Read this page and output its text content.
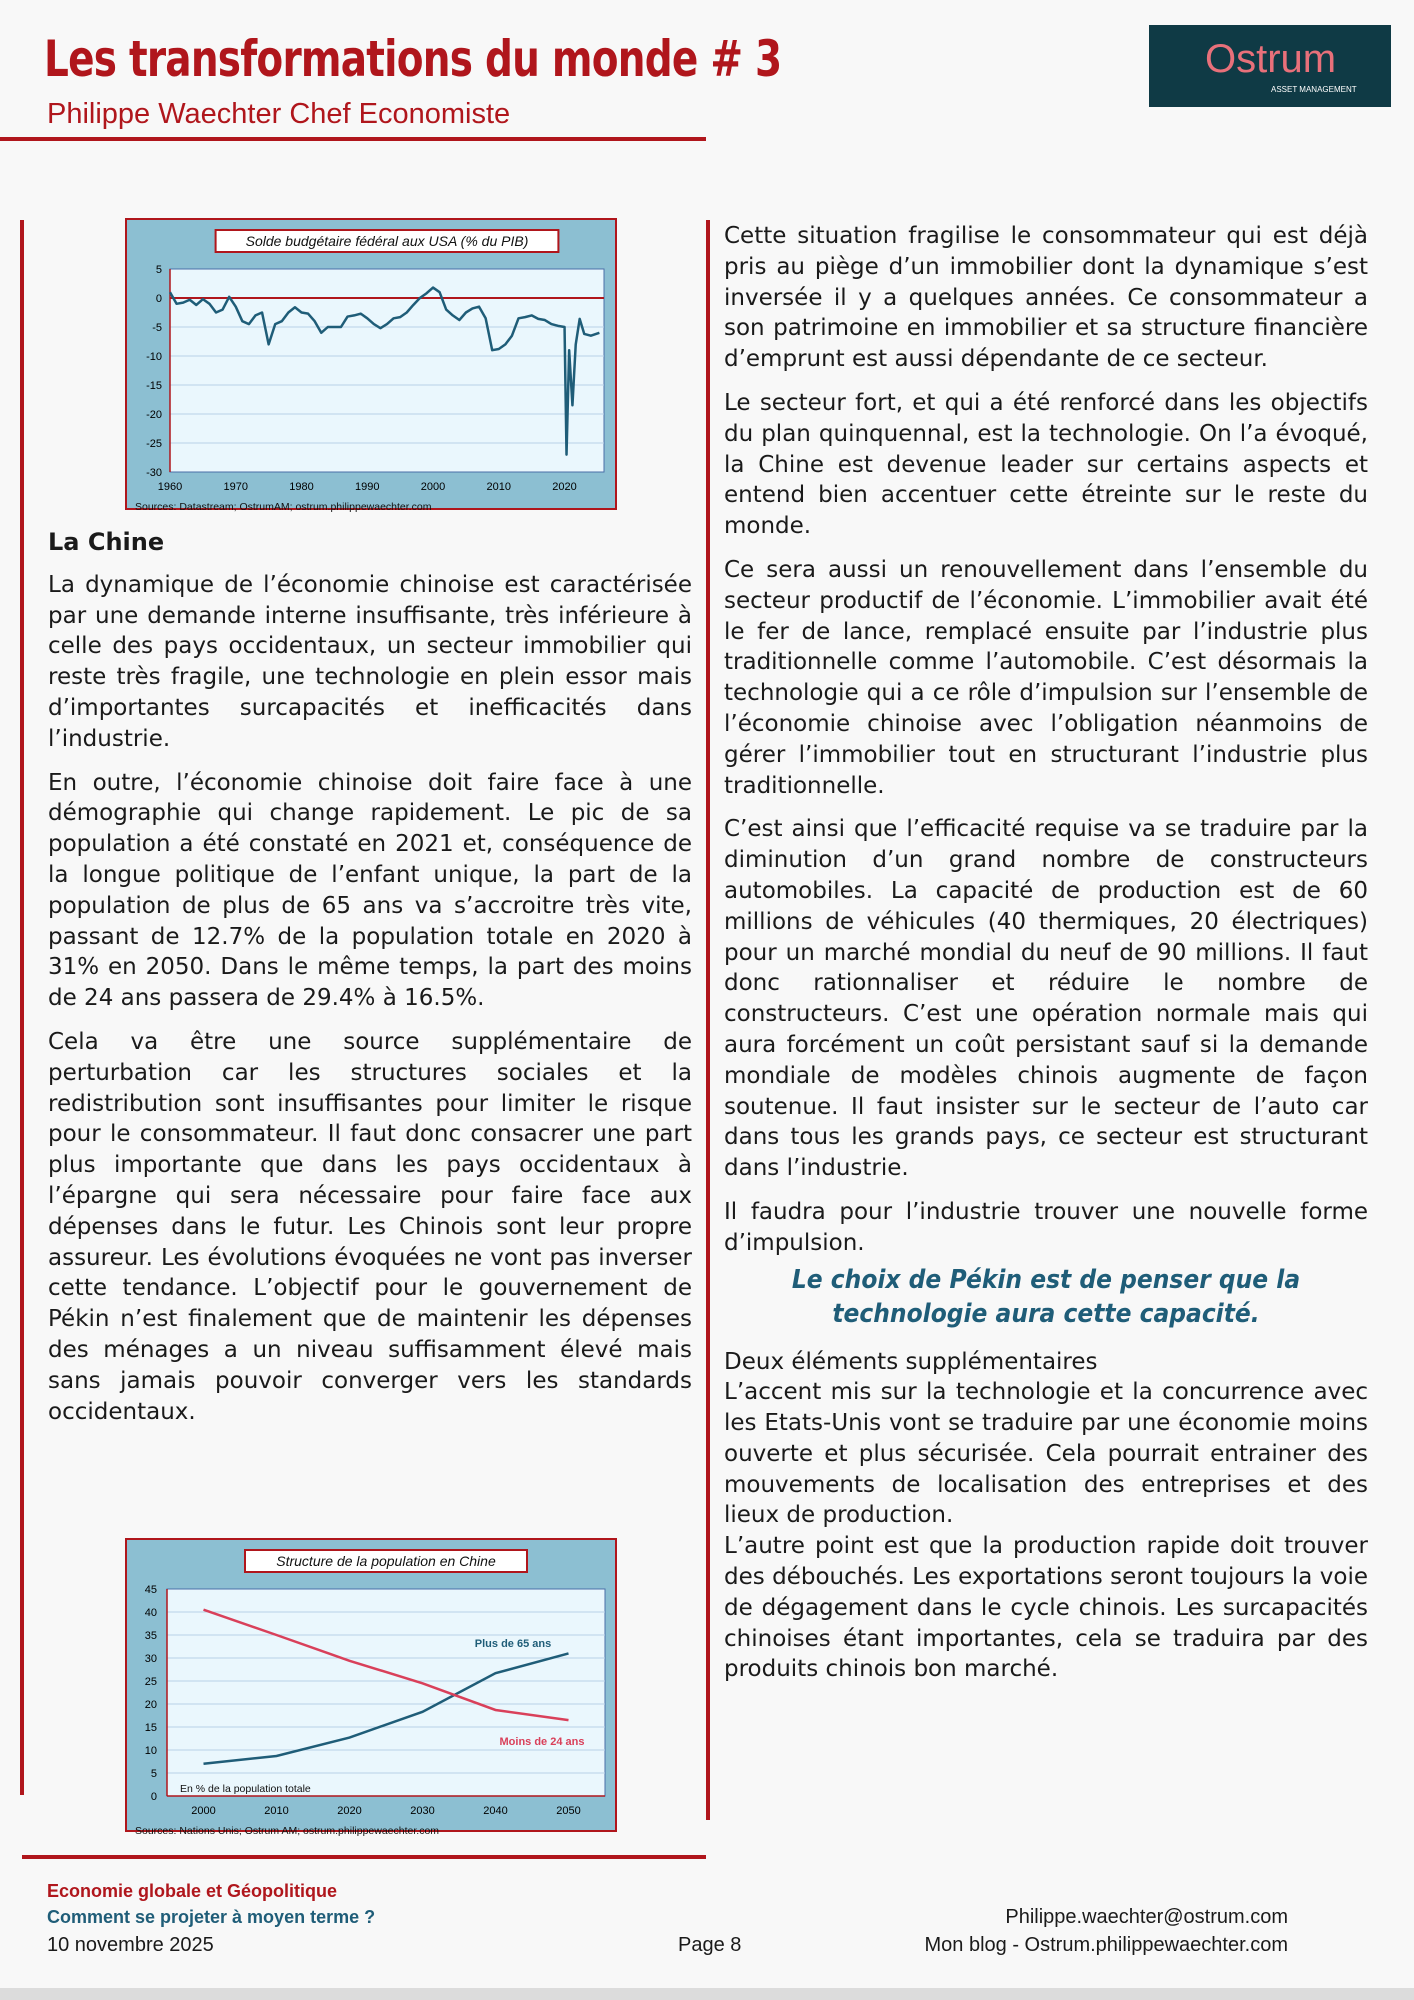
Les transformations du monde # 3
Philippe Waechter Chef Economiste
Ostrum
ASSET MANAGEMENT
Solde budgétaire fédéral aux USA (% du PIB)
Sources: Datastream; OstrumAM; ostrum.philippewaechter.com
5
0
-5
-10
-15
-20
-25
-30
1960	1970	1980	1990	2000	2010	2020
La Chine

La dynamique de l’économie chinoise est caractérisée par une demande interne insuffisante, très inférieure à celle des pays occidentaux, un secteur immobilier qui reste très fragile, une technologie en plein essor mais d’importantes surcapacités et inefficacités dans l’industrie.

En outre, l’économie chinoise doit faire face à une démographie qui change rapidement. Le pic de sa population a été constaté en 2021 et, conséquence de la longue politique de l’enfant unique, la part de la population de plus de 65 ans va s’accroitre très vite, passant de 12.7% de la population totale en 2020 à 31% en 2050. Dans le même temps, la part des moins de 24 ans passera de 29.4% à 16.5%.

Cela va être une source supplémentaire de perturbation car les structures sociales et la redistribution sont insuffisantes pour limiter le risque pour le consommateur. Il faut donc consacrer une part plus importante que dans les pays occidentaux à l’épargne qui sera nécessaire pour faire face aux dépenses dans le futur. Les Chinois sont leur propre assureur. Les évolutions évoquées ne vont pas inverser cette tendance. L’objectif pour le gouvernement de Pékin n’est finalement que de maintenir les dépenses des ménages a un niveau suffisamment élevé mais sans jamais pouvoir converger vers les standards occidentaux.

Structure de la population en Chine
Sources: Nations Unis; Ostrum AM; ostrum.philippewaechter.com
45
40
35
30
25
20
15
10
5
0
2000	2010	2020	2030	2040	2050
Plus de 65 ans
Moins de 24 ans
En % de la population totale

Cette situation fragilise le consommateur qui est déjà pris au piège d’un immobilier dont la dynamique s’est inversée il y a quelques années. Ce consommateur a son patrimoine en immobilier et sa structure financière d’emprunt est aussi dépendante de ce secteur.

Le secteur fort, et qui a été renforcé dans les objectifs du plan quinquennal, est la technologie. On l’a évoqué, la Chine est devenue leader sur certains aspects et entend bien accentuer cette étreinte sur le reste du monde.

Ce sera aussi un renouvellement dans l’ensemble du secteur productif de l’économie. L’immobilier avait été le fer de lance, remplacé ensuite par l’industrie plus traditionnelle comme l’automobile. C’est désormais la technologie qui a ce rôle d’impulsion sur l’ensemble de l’économie chinoise avec l’obligation néanmoins de gérer l’immobilier tout en structurant l’industrie plus traditionnelle.

C’est ainsi que l’efficacité requise va se traduire par la diminution d’un grand nombre de constructeurs automobiles. La capacité de production est de 60 millions de véhicules (40 thermiques, 20 électriques) pour un marché mondial du neuf de 90 millions. Il faut donc rationnaliser et réduire le nombre de constructeurs. C’est une opération normale mais qui aura forcément un coût persistant sauf si la demande mondiale de modèles chinois augmente de façon soutenue. Il faut insister sur le secteur de l’auto car dans tous les grands pays, ce secteur est structurant dans l’industrie.

Il faudra pour l’industrie trouver une nouvelle forme d’impulsion.

Le choix de Pékin est de penser que la technologie aura cette capacité.

Deux éléments supplémentaires

L’accent mis sur la technologie et la concurrence avec les Etats-Unis vont se traduire par une économie moins ouverte et plus sécurisée. Cela pourrait entrainer des mouvements de localisation des entreprises et des lieux de production.

L’autre point est que la production rapide doit trouver des débouchés. Les exportations seront toujours la voie de dégagement dans le cycle chinois. Les surcapacités chinoises étant importantes, cela se traduira par des produits chinois bon marché.

Economie globale et Géopolitique
Comment se projeter à moyen terme ?
10 novembre 2025	Page 8
Philippe.waechter@ostrum.com
Mon blog - Ostrum.philippewaechter.com
